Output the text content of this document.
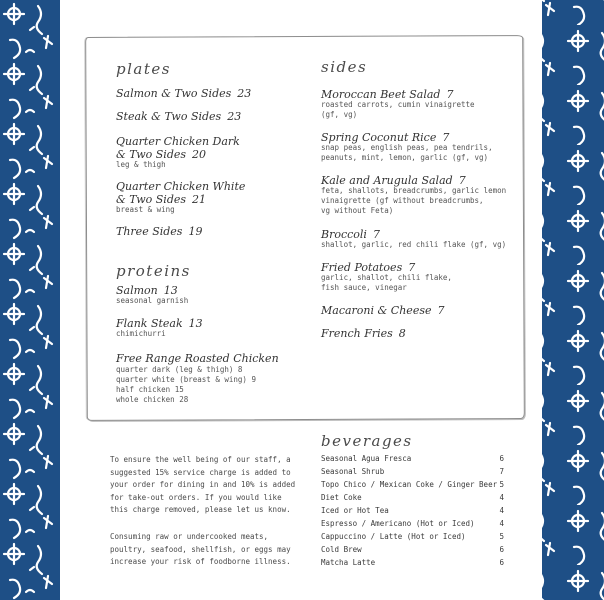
plates
Salmon & Two Sides 23
Steak & Two Sides 23
Quarter Chicken Dark
& Two Sides 20
leg & thigh
Quarter Chicken White
& Two Sides 21
breast & wing
Three Sides 19
proteins
Salmon 13
seasonal garnish
Flank Steak 13
chimichurri
Free Range Roasted Chicken
quarter dark (leg & thigh) 8
quarter white (breast & wing) 9
half chicken 15
whole chicken 28
sides
Moroccan Beet Salad 7
roasted carrots, cumin vinaigrette
(gf, vg)
Spring Coconut Rice 7
snap peas, english peas, pea tendrils,
peanuts, mint, lemon, garlic (gf, vg)
Kale and Arugula Salad 7
feta, shallots, breadcrumbs, garlic lemon
vinaigrette (gf without breadcrumbs,
vg without Feta)
Broccoli 7
shallot, garlic, red chili flake (gf, vg)
Fried Potatoes 7
garlic, shallot, chili flake,
fish sauce, vinegar
Macaroni & Cheese 7
French Fries 8
To ensure the well being of our staff, a
suggested 15% service charge is added to
your order for dining in and 10% is added
for take-out orders. If you would like
this charge removed, please let us know.
Consuming raw or undercooked meats,
poultry, seafood, shellfish, or eggs may
increase your risk of foodborne illness.
beverages
Seasonal Agua Fresca	6
Seasonal Shrub	7
Topo Chico / Mexican Coke / Ginger Beer 5
Diet Coke	4
Iced or Hot Tea	4
Espresso / Americano (Hot or Iced)	4
Cappuccino / Latte (Hot or Iced)	5
Cold Brew	6
Matcha Latte	6
